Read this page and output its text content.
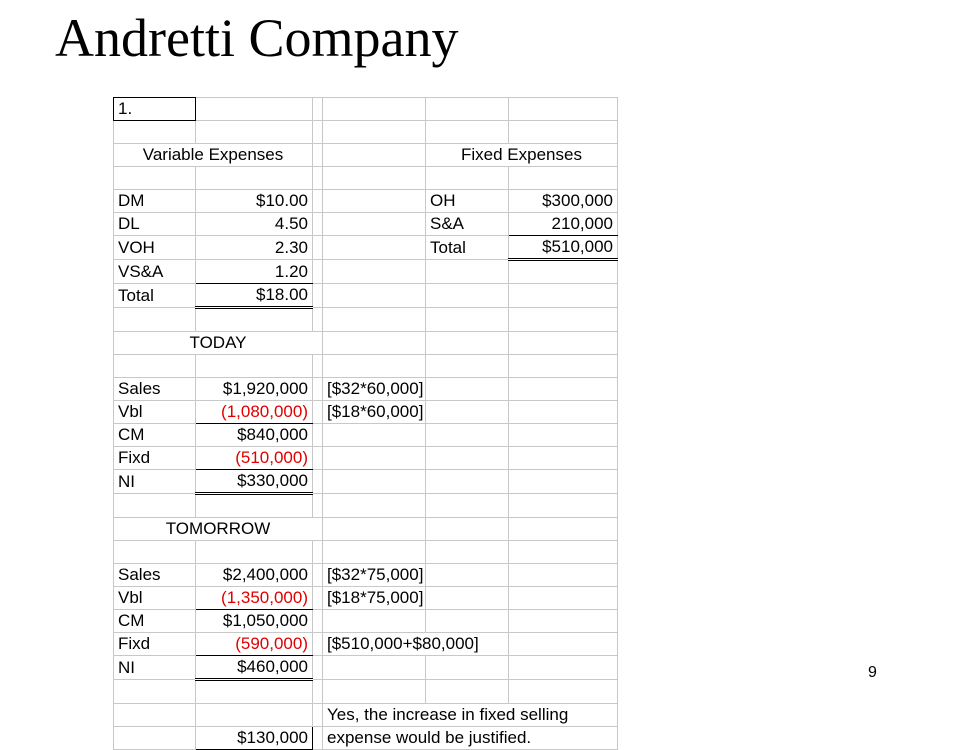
Andretti Company
1.					

Variable Expenses				Fixed Expenses	

DM	$10.00			OH	$300,000
DL	4.50			S&A	210,000
VOH	2.30			Total	$510,000
VS&A	1.20				
Total	$18.00				

TODAY					

Sales	$1,920,000		[$32*60,000]		
Vbl	(1,080,000)		[$18*60,000]		
CM	$840,000				
Fixd	(510,000)				
NI	$330,000				

TOMORROW					

Sales	$2,400,000		[$32*75,000]		
Vbl	(1,350,000)		[$18*75,000]		
CM	$1,050,000				
Fixd	(590,000)		[$510,000+$80,000]		
NI	$460,000				

			Yes, the increase in fixed selling		
	$130,000		expense would be justified.		
9
